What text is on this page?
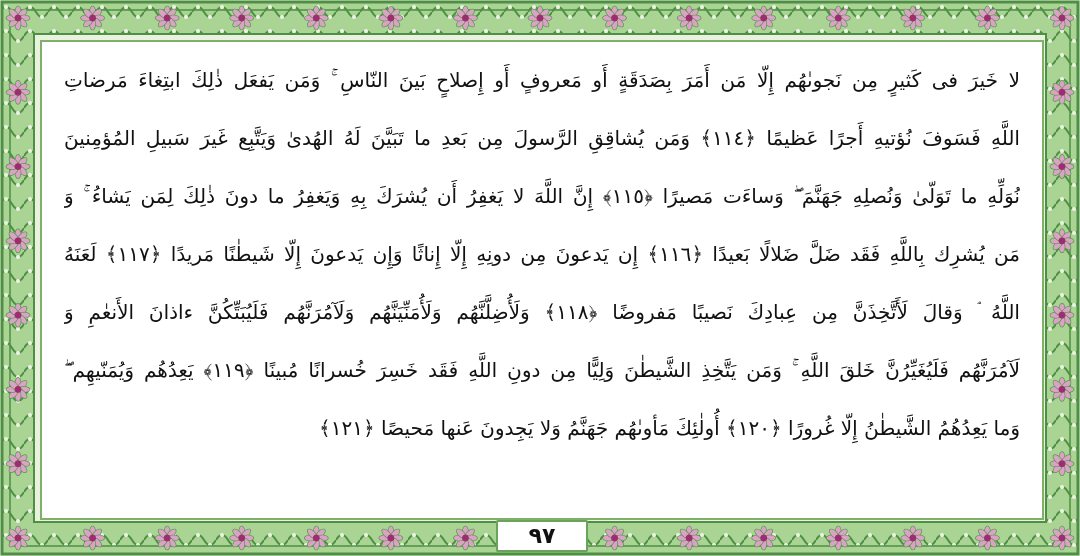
لا خَيرَ فى كَثيرٍ مِن نَجوىٰهُم إِلّا مَن أَمَرَ بِصَدَقَةٍ أَو مَعروفٍ أَو إِصلاحٍ بَينَ النّاسِ ۚ وَمَن يَفعَل ذٰلِكَ ابتِغاءَ مَرضاتِ
اللَّهِ فَسَوفَ نُؤتيهِ أَجرًا عَظيمًا ﴿١١٤﴾ وَمَن يُشاقِقِ الرَّسولَ مِن بَعدِ ما تَبَيَّنَ لَهُ الهُدىٰ وَيَتَّبِع غَيرَ سَبيلِ المُؤمِنينَ
نُوَلِّهِ ما تَوَلّىٰ وَنُصلِهِ جَهَنَّمَ ۖ وَساءَت مَصيرًا ﴿١١٥﴾ إِنَّ اللَّهَ لا يَغفِرُ أَن يُشرَكَ بِهِ وَيَغفِرُ ما دونَ ذٰلِكَ لِمَن يَشاءُ ۚ وَ
مَن يُشرِك بِاللَّهِ فَقَد ضَلَّ ضَلالًا بَعيدًا ﴿١١٦﴾ إِن يَدعونَ مِن دونِهِ إِلّا إِناثًا وَإِن يَدعونَ إِلّا شَيطٰنًا مَريدًا ﴿١١٧﴾ لَعَنَهُ
اللَّهُ ۘ وَقالَ لَأَتَّخِذَنَّ مِن عِبادِكَ نَصيبًا مَفروضًا ﴿١١٨﴾ وَلَأُضِلَّنَّهُم وَلَأُمَنِّيَنَّهُم وَلَآمُرَنَّهُم فَلَيُبَتِّكُنَّ ءاذانَ الأَنعٰمِ وَ
لَآمُرَنَّهُم فَلَيُغَيِّرُنَّ خَلقَ اللَّهِ ۚ وَمَن يَتَّخِذِ الشَّيطٰنَ وَلِيًّا مِن دونِ اللَّهِ فَقَد خَسِرَ خُسرانًا مُبينًا ﴿١١٩﴾ يَعِدُهُم وَيُمَنّيهِم ۖ
وَما يَعِدُهُمُ الشَّيطٰنُ إِلّا غُرورًا ﴿١٢٠﴾ أُولٰئِكَ مَأوىٰهُم جَهَنَّمُ وَلا يَجِدونَ عَنها مَحيصًا ﴿١٢١﴾
۹۷
